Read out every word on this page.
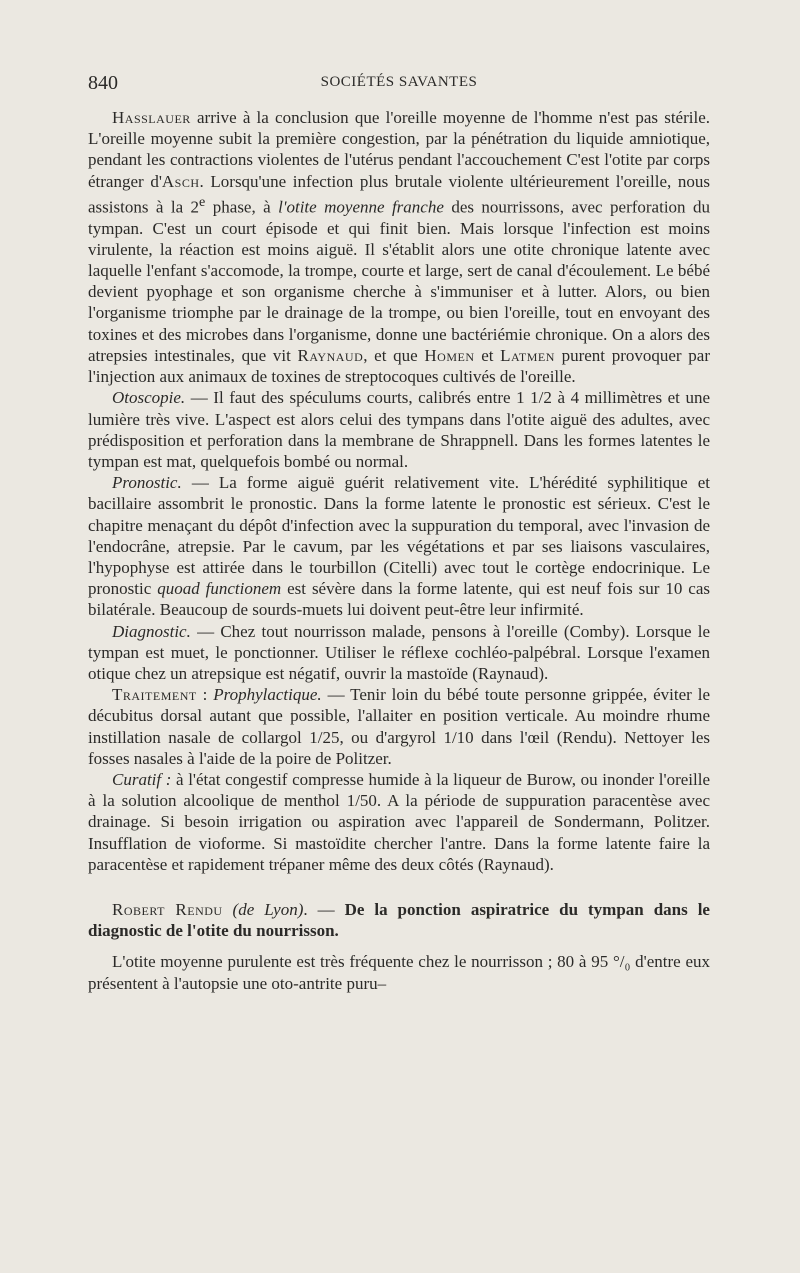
840	SOCIÉTÉS SAVANTES

Hasslauer arrive à la conclusion que l'oreille moyenne de l'homme n'est pas stérile. L'oreille moyenne subit la première congestion, par la pénétration du liquide amniotique, pendant les contractions violentes de l'utérus pendant l'accouchement C'est l'otite par corps étranger d'Asch. Lorsqu'une infection plus brutale violente ultérieurement l'oreille, nous assistons à la 2e phase, à l'otite moyenne franche des nourrissons, avec perforation du tympan. C'est un court épisode et qui finit bien. Mais lorsque l'infection est moins virulente, la réaction est moins aiguë. Il s'établit alors une otite chronique latente avec laquelle l'enfant s'accomode, la trompe, courte et large, sert de canal d'écoulement. Le bébé devient pyophage et son organisme cherche à s'immuniser et à lutter. Alors, ou bien l'organisme triomphe par le drainage de la trompe, ou bien l'oreille, tout en envoyant des toxines et des microbes dans l'organisme, donne une bactériémie chronique. On a alors des atrepsies intestinales, que vit Raynaud, et que Homen et Latmen purent provoquer par l'injection aux animaux de toxines de streptocoques cultivés de l'oreille.

Otoscopie. — Il faut des spéculums courts, calibrés entre 1 1/2 à 4 millimètres et une lumière très vive. L'aspect est alors celui des tympans dans l'otite aiguë des adultes, avec prédisposition et perforation dans la membrane de Shrappnell. Dans les formes latentes le tympan est mat, quelquefois bombé ou normal.

Pronostic. — La forme aiguë guérit relativement vite. L'hérédité syphilitique et bacillaire assombrit le pronostic. Dans la forme latente le pronostic est sérieux. C'est le chapitre menaçant du dépôt d'infection avec la suppuration du temporal, avec l'invasion de l'endocrâne, atrepsie. Par le cavum, par les végétations et par ses liaisons vasculaires, l'hypophyse est attirée dans le tourbillon (Citelli) avec tout le cortège endocrinique. Le pronostic quoad functionem est sévère dans la forme latente, qui est neuf fois sur 10 cas bilatérale. Beaucoup de sourds-muets lui doivent peut-être leur infirmité.

Diagnostic. — Chez tout nourrisson malade, pensons à l'oreille (Comby). Lorsque le tympan est muet, le ponctionner. Utiliser le réflexe cochléo-palpébral. Lorsque l'examen otique chez un atrepsique est négatif, ouvrir la mastoïde (Raynaud).

Traitement : Prophylactique. — Tenir loin du bébé toute personne grippée, éviter le décubitus dorsal autant que possible, l'allaiter en position verticale. Au moindre rhume instillation nasale de collargol 1/25, ou d'argyrol 1/10 dans l'œil (Rendu). Nettoyer les fosses nasales à l'aide de la poire de Politzer.

Curatif : à l'état congestif compresse humide à la liqueur de Burow, ou inonder l'oreille à la solution alcoolique de menthol 1/50. A la période de suppuration paracentèse avec drainage. Si besoin irrigation ou aspiration avec l'appareil de Sondermann, Politzer. Insufflation de vioforme. Si mastoïdite chercher l'antre. Dans la forme latente faire la paracentèse et rapidement trépaner même des deux côtés (Raynaud).

Robert Rendu (de Lyon). — De la ponction aspiratrice du tympan dans le diagnostic de l'otite du nourrisson.

L'otite moyenne purulente est très fréquente chez le nourrisson ; 80 à 95 °/₀ d'entre eux présentent à l'autopsie une oto-antrite puru–
